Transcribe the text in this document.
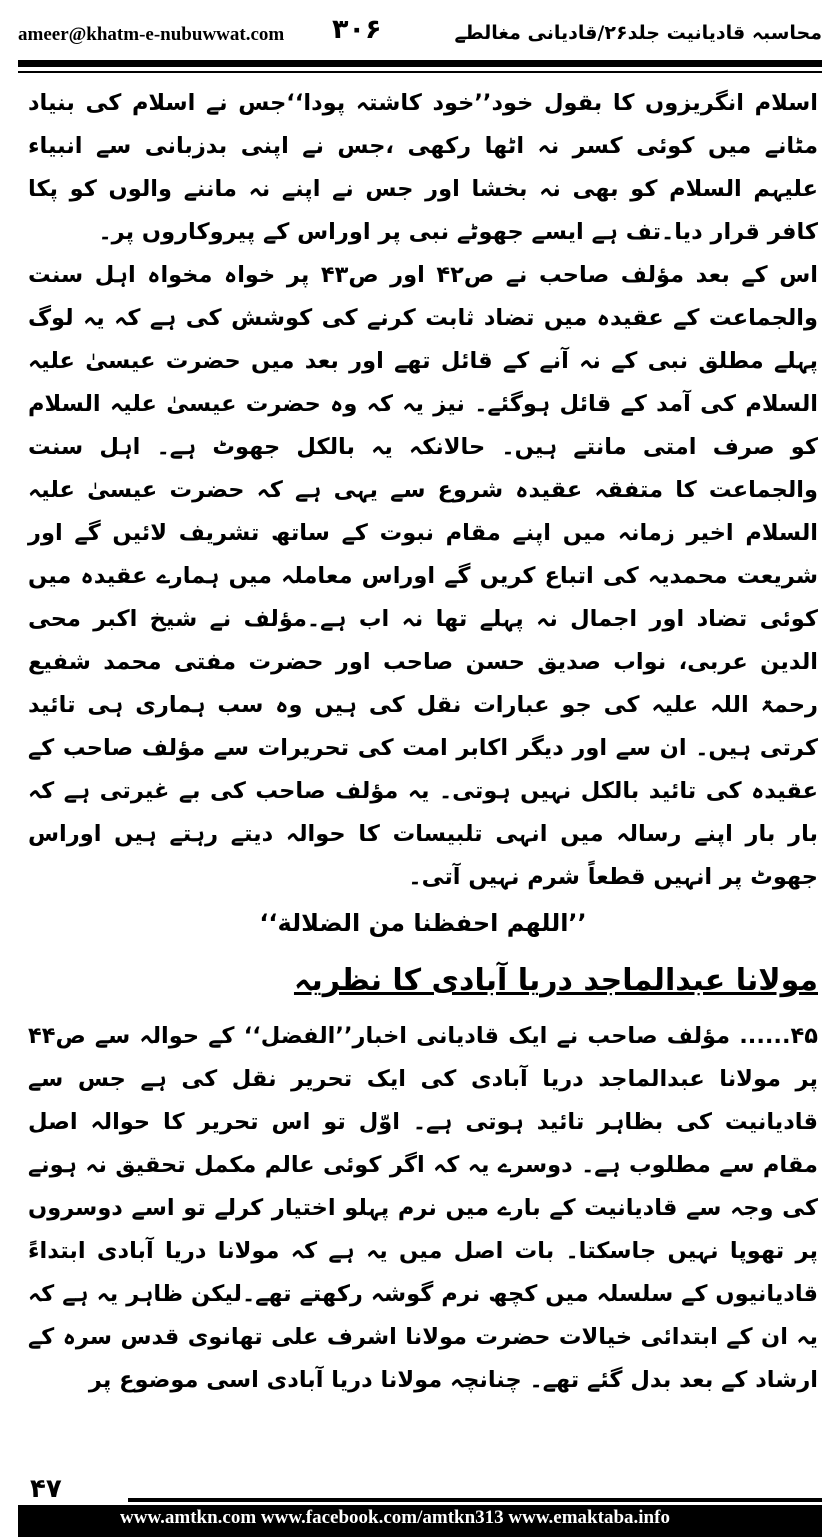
ameer@khatm-e-nubuwwat.com ۳۰۶	محاسبہ قادیانیت جلد۲۶/قادیانی مغالطے

اسلام انگریزوں کا بقول خود’’خود کاشتہ پودا‘‘جس نے اسلام کی بنیاد مٹانے میں کوئی کسر نہ اٹھا رکھی ،جس نے اپنی بدزبانی سے انبیاء علیہم السلام کو بھی نہ بخشا اور جس نے اپنے نہ ماننے والوں کو پکا کافر قرار دیا۔تف ہے ایسے جھوٹے نبی پر اوراس کے پیروکاروں پر۔

اس کے بعد مؤلف صاحب نے ص۴۲ اور ص۴۳ پر خواہ مخواہ اہل سنت والجماعت کے عقیدہ میں تضاد ثابت کرنے کی کوشش کی ہے کہ یہ لوگ پہلے مطلق نبی کے نہ آنے کے قائل تھے اور بعد میں حضرت عیسیٰ علیہ السلام کی آمد کے قائل ہوگئے۔ نیز یہ کہ وہ حضرت عیسیٰ علیہ السلام کو صرف امتی مانتے ہیں۔ حالانکہ یہ بالکل جھوٹ ہے۔ اہل سنت والجماعت کا متفقہ عقیدہ شروع سے یہی ہے کہ حضرت عیسیٰ علیہ السلام اخیر زمانہ میں اپنے مقام نبوت کے ساتھ تشریف لائیں گے اور شریعت محمدیہ کی اتباع کریں گے اوراس معاملہ میں ہمارے عقیدہ میں کوئی تضاد اور اجمال نہ پہلے تھا نہ اب ہے۔مؤلف نے شیخ اکبر محی الدین عربی، نواب صدیق حسن صاحب اور حضرت مفتی محمد شفیع رحمۃ اللہ علیہ کی جو عبارات نقل کی ہیں وہ سب ہماری ہی تائید کرتی ہیں۔ ان سے اور دیگر اکابر امت کی تحریرات سے مؤلف صاحب کے عقیدہ کی تائید بالکل نہیں ہوتی۔ یہ مؤلف صاحب کی بے غیرتی ہے کہ بار بار اپنے رسالہ میں انہی تلبیسات کا حوالہ دیتے رہتے ہیں اوراس جھوٹ پر انہیں قطعاً شرم نہیں آتی۔

’’اللهم احفظنا من الضلالة‘‘
مولانا عبدالماجد دریا آبادی کا نظریہ

۴۵...... مؤلف صاحب نے ایک قادیانی اخبار’’الفضل‘‘ کے حوالہ سے ص۴۴ پر مولانا عبدالماجد دریا آبادی کی ایک تحریر نقل کی ہے جس سے قادیانیت کی بظاہر تائید ہوتی ہے۔ اوّل تو اس تحریر کا حوالہ اصل مقام سے مطلوب ہے۔ دوسرے یہ کہ اگر کوئی عالم مکمل تحقیق نہ ہونے کی وجہ سے قادیانیت کے بارے میں نرم پہلو اختیار کرلے تو اسے دوسروں پر تھوپا نہیں جاسکتا۔ بات اصل میں یہ ہے کہ مولانا دریا آبادی ابتداءً قادیانیوں کے سلسلہ میں کچھ نرم گوشہ رکھتے تھے۔لیکن ظاہر یہ ہے کہ یہ ان کے ابتدائی خیالات حضرت مولانا اشرف علی تھانوی قدس سرہ کے ارشاد کے بعد بدل گئے تھے۔ چنانچہ مولانا دریا آبادی اسی موضوع پر

۴۷
www.amtkn.com www.facebook.com/amtkn313 www.emaktaba.info
